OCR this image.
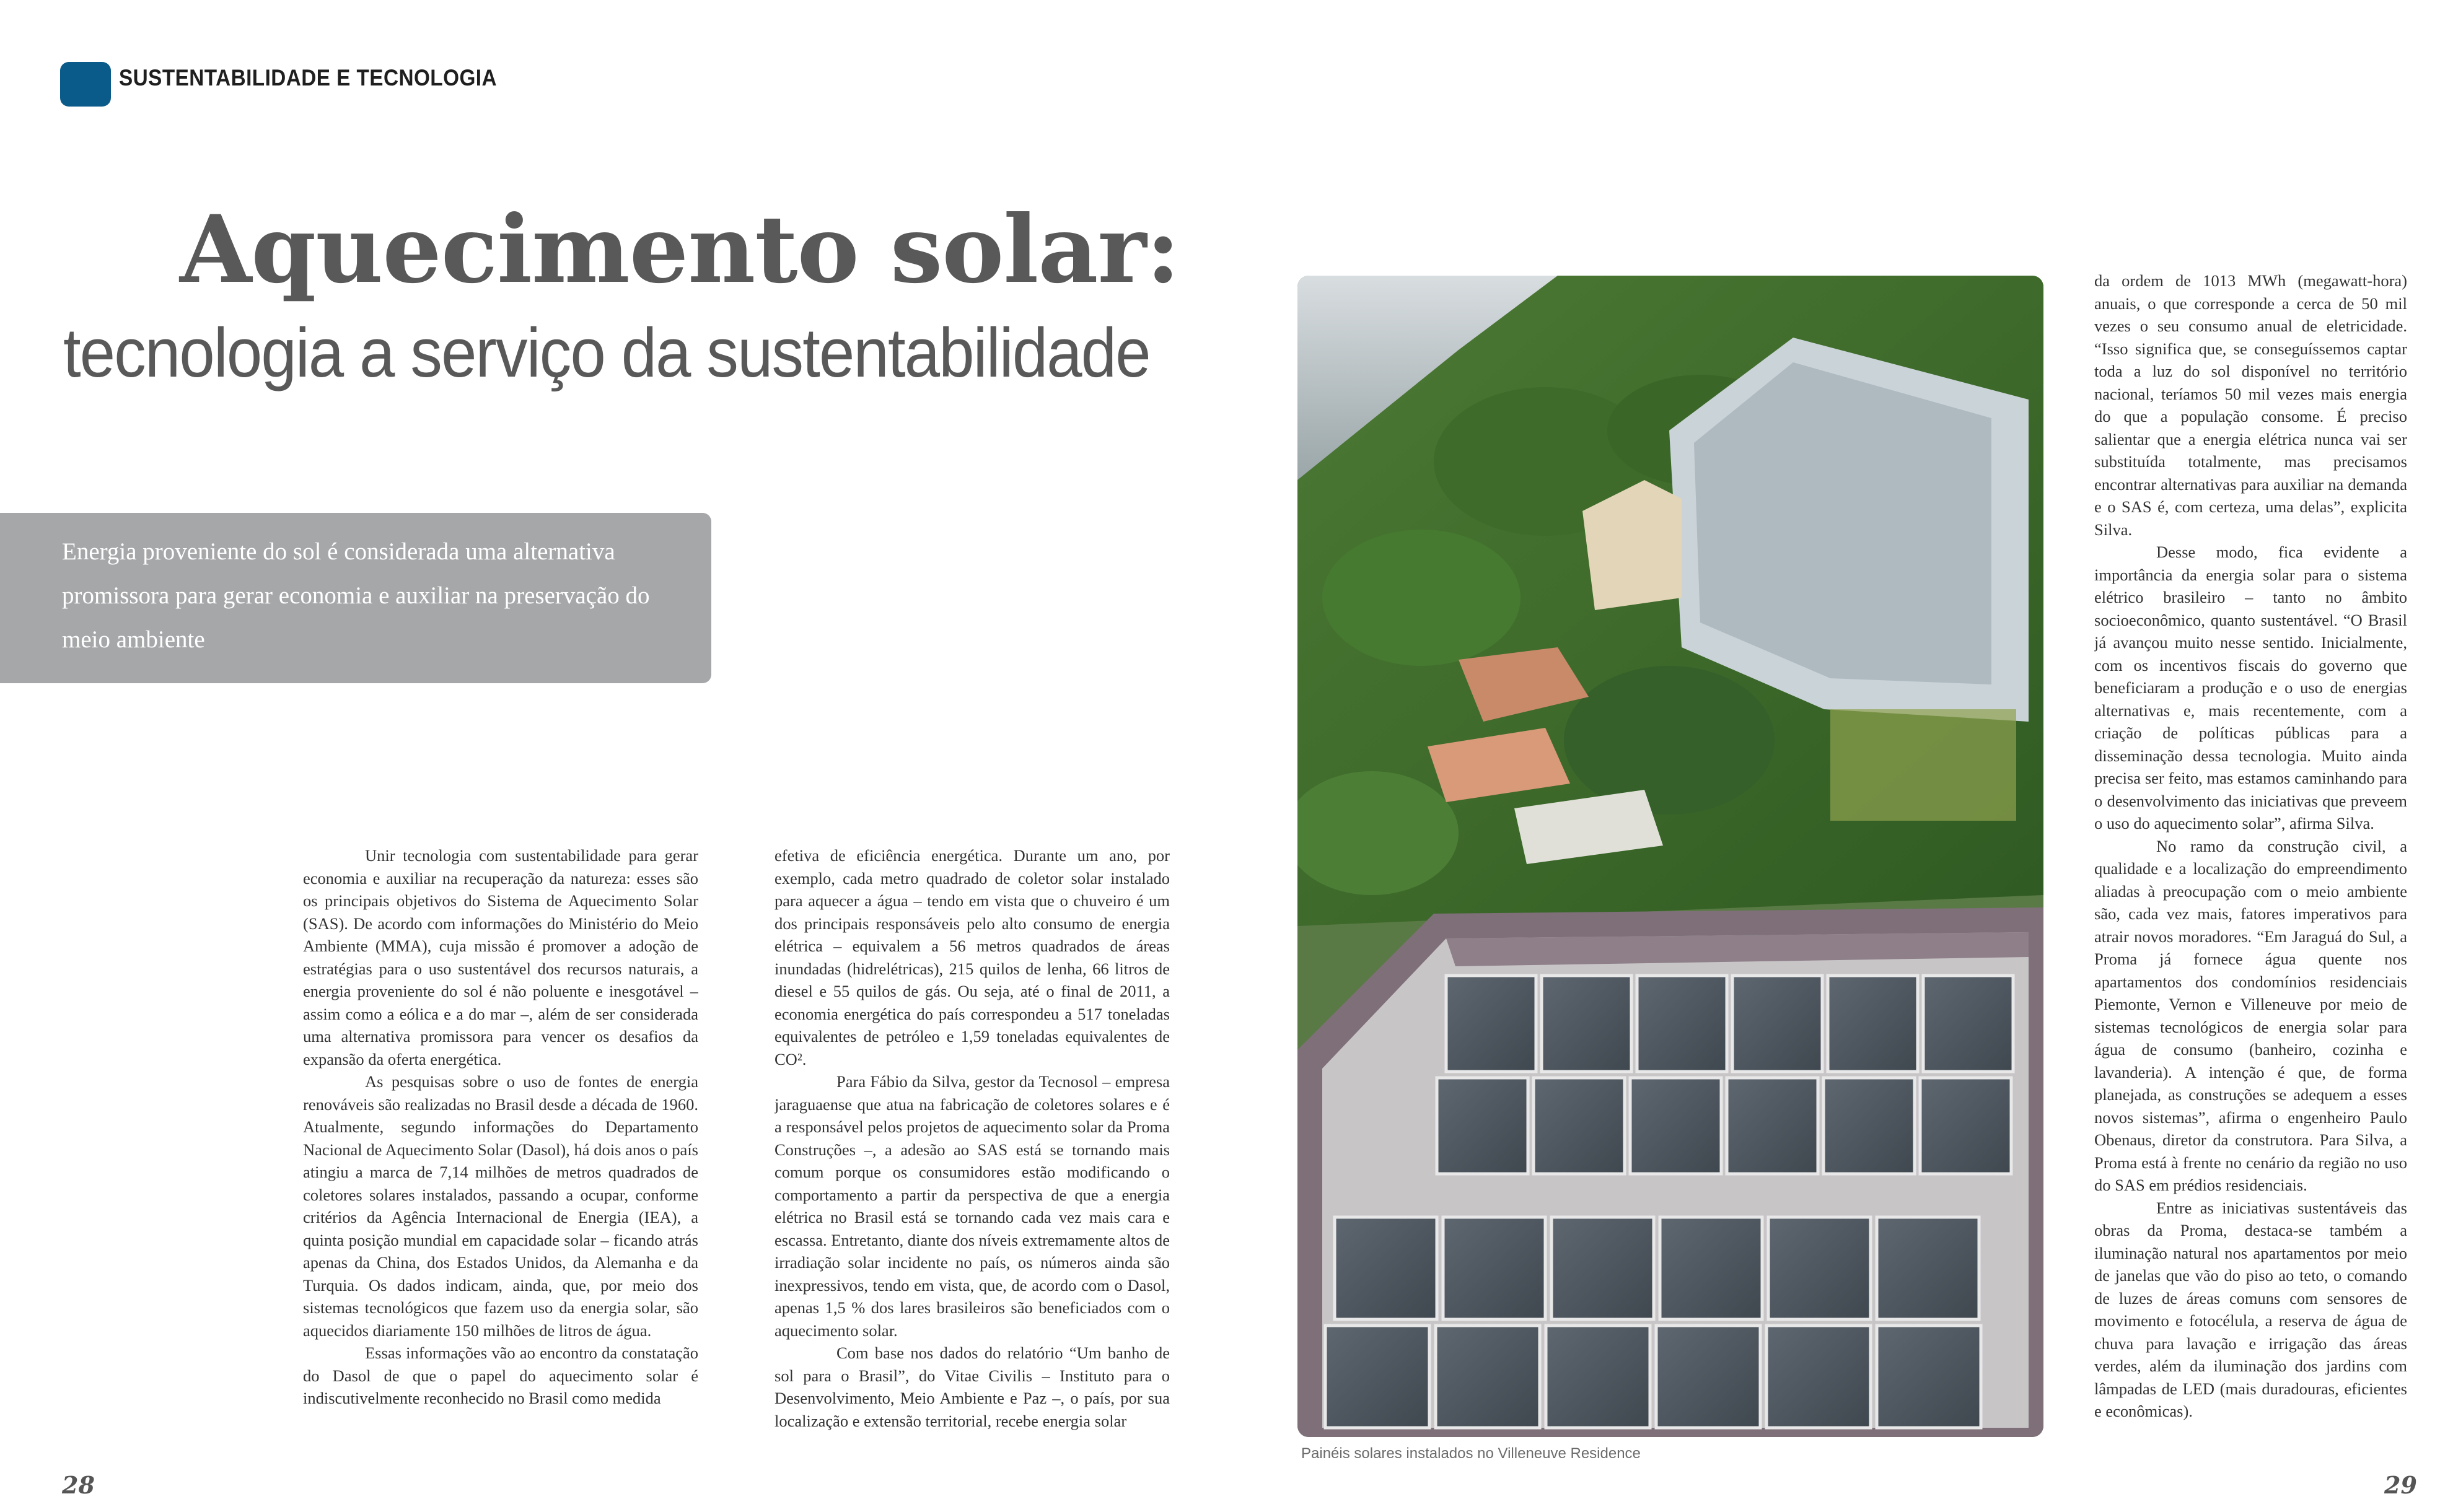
SUSTENTABILIDADE E TECNOLOGIA
Aquecimento solar:
tecnologia a serviço da sustentabilidade
Energia proveniente do sol é considerada uma alternativa promissora para gerar economia e auxiliar na preservação do meio ambiente

Unir tecnologia com sustentabilidade para gerar economia e auxiliar na recuperação da natureza: esses são os principais objetivos do Sistema de Aquecimento Solar (SAS). De acordo com informações do Ministério do Meio Ambiente (MMA), cuja missão é promover a adoção de estratégias para o uso sustentável dos recursos naturais, a energia proveniente do sol é não poluente e inesgotável – assim como a eólica e a do mar –, além de ser considerada uma alternativa promissora para vencer os desafios da expansão da oferta energética.

As pesquisas sobre o uso de fontes de energia renováveis são realizadas no Brasil desde a década de 1960. Atualmente, segundo informações do Departamento Nacional de Aquecimento Solar (Dasol), há dois anos o país atingiu a marca de 7,14 milhões de metros quadrados de coletores solares instalados, passando a ocupar, conforme critérios da Agência Internacional de Energia (IEA), a quinta posição mundial em capacidade solar – ficando atrás apenas da China, dos Estados Unidos, da Alemanha e da Turquia. Os dados indicam, ainda, que, por meio dos sistemas tecnológicos que fazem uso da energia solar, são aquecidos diariamente 150 milhões de litros de água.

Essas informações vão ao encontro da constatação do Dasol de que o papel do aquecimento solar é indiscutivelmente reconhecido no Brasil como medida

efetiva de eficiência energética. Durante um ano, por exemplo, cada metro quadrado de coletor solar instalado para aquecer a água – tendo em vista que o chuveiro é um dos principais responsáveis pelo alto consumo de energia elétrica – equivalem a 56 metros quadrados de áreas inundadas (hidrelétricas), 215 quilos de lenha, 66 litros de diesel e 55 quilos de gás. Ou seja, até o final de 2011, a economia energética do país correspondeu a 517 toneladas equivalentes de petróleo e 1,59 toneladas equivalentes de CO².

Para Fábio da Silva, gestor da Tecnosol – empresa jaraguaense que atua na fabricação de coletores solares e é a responsável pelos projetos de aquecimento solar da Proma Construções –, a adesão ao SAS está se tornando mais comum porque os consumidores estão modificando o comportamento a partir da perspectiva de que a energia elétrica no Brasil está se tornando cada vez mais cara e escassa. Entretanto, diante dos níveis extremamente altos de irradiação solar incidente no país, os números ainda são inexpressivos, tendo em vista, que, de acordo com o Dasol, apenas 1,5 % dos lares brasileiros são beneficiados com o aquecimento solar.

Com base nos dados do relatório “Um banho de sol para o Brasil”, do Vitae Civilis – Instituto para o Desenvolvimento, Meio Ambiente e Paz –, o país, por sua localização e extensão territorial, recebe energia solar

Painéis solares instalados no Villeneuve Residence

da ordem de 1013 MWh (megawatt-hora) anuais, o que corresponde a cerca de 50 mil vezes o seu consumo anual de eletricidade. “Isso significa que, se conseguíssemos captar toda a luz do sol disponível no território nacional, teríamos 50 mil vezes mais energia do que a população consome. É preciso salientar que a energia elétrica nunca vai ser substituída totalmente, mas precisamos encontrar alternativas para auxiliar na demanda e o SAS é, com certeza, uma delas”, explicita Silva.

Desse modo, fica evidente a importância da energia solar para o sistema elétrico brasileiro – tanto no âmbito socioeconômico, quanto sustentável. “O Brasil já avançou muito nesse sentido. Inicialmente, com os incentivos fiscais do governo que beneficiaram a produção e o uso de energias alternativas e, mais recentemente, com a criação de políticas públicas para a disseminação dessa tecnologia. Muito ainda precisa ser feito, mas estamos caminhando para o desenvolvimento das iniciativas que preveem o uso do aquecimento solar”, afirma Silva.

No ramo da construção civil, a qualidade e a localização do empreendimento aliadas à preocupação com o meio ambiente são, cada vez mais, fatores imperativos para atrair novos moradores. “Em Jaraguá do Sul, a Proma já fornece água quente nos apartamentos dos condomínios residenciais Piemonte, Vernon e Villeneuve por meio de sistemas tecnológicos de energia solar para água de consumo (banheiro, cozinha e lavanderia). A intenção é que, de forma planejada, as construções se adequem a esses novos sistemas”, afirma o engenheiro Paulo Obenaus, diretor da construtora. Para Silva, a Proma está à frente no cenário da região no uso do SAS em prédios residenciais.

Entre as iniciativas sustentáveis das obras da Proma, destaca-se também a iluminação natural nos apartamentos por meio de janelas que vão do piso ao teto, o comando de luzes de áreas comuns com sensores de movimento e fotocélula, a reserva de água de chuva para lavação e irrigação das áreas verdes, além da iluminação dos jardins com lâmpadas de LED (mais duradouras, eficientes e econômicas).

28	29
